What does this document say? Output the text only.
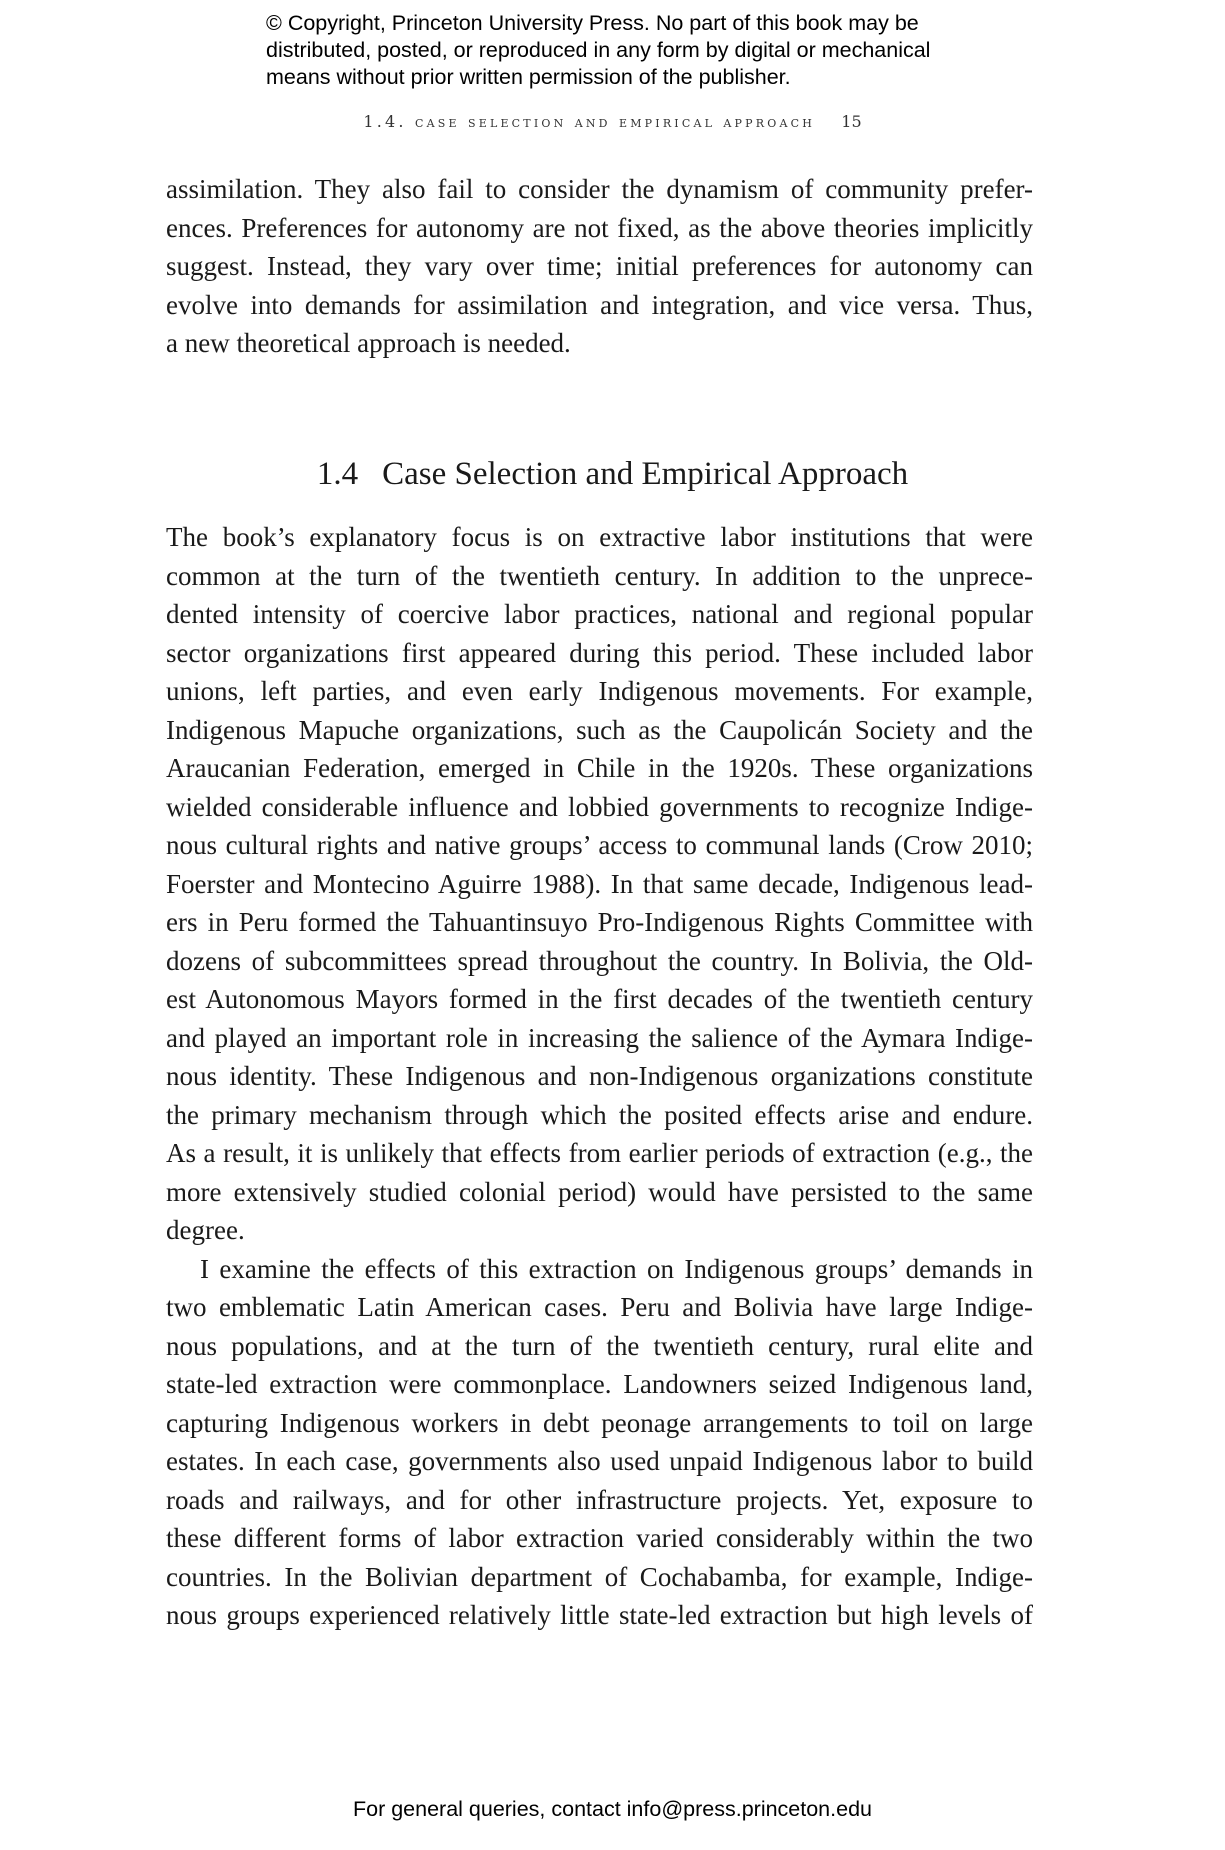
© Copyright, Princeton University Press. No part of this book may be
distributed, posted, or reproduced in any form by digital or mechanical
means without prior written permission of the publisher.
1.4. case selection and empirical approach 15

assimilation. They also fail to consider the dynamism of community prefer-
ences. Preferences for autonomy are not fixed, as the above theories implicitly
suggest. Instead, they vary over time; initial preferences for autonomy can
evolve into demands for assimilation and integration, and vice versa. Thus,
a new theoretical approach is needed.

1.4 Case Selection and Empirical Approach

The book’s explanatory focus is on extractive labor institutions that were
common at the turn of the twentieth century. In addition to the unprece-
dented intensity of coercive labor practices, national and regional popular
sector organizations first appeared during this period. These included labor
unions, left parties, and even early Indigenous movements. For example,
Indigenous Mapuche organizations, such as the Caupolicán Society and the
Araucanian Federation, emerged in Chile in the 1920s. These organizations
wielded considerable influence and lobbied governments to recognize Indige-
nous cultural rights and native groups’ access to communal lands (Crow 2010;
Foerster and Montecino Aguirre 1988). In that same decade, Indigenous lead-
ers in Peru formed the Tahuantinsuyo Pro-Indigenous Rights Committee with
dozens of subcommittees spread throughout the country. In Bolivia, the Old-
est Autonomous Mayors formed in the first decades of the twentieth century
and played an important role in increasing the salience of the Aymara Indige-
nous identity. These Indigenous and non-Indigenous organizations constitute
the primary mechanism through which the posited effects arise and endure.
As a result, it is unlikely that effects from earlier periods of extraction (e.g., the
more extensively studied colonial period) would have persisted to the same
degree.

I examine the effects of this extraction on Indigenous groups’ demands in
two emblematic Latin American cases. Peru and Bolivia have large Indige-
nous populations, and at the turn of the twentieth century, rural elite and
state-led extraction were commonplace. Landowners seized Indigenous land,
capturing Indigenous workers in debt peonage arrangements to toil on large
estates. In each case, governments also used unpaid Indigenous labor to build
roads and railways, and for other infrastructure projects. Yet, exposure to
these different forms of labor extraction varied considerably within the two
countries. In the Bolivian department of Cochabamba, for example, Indige-
nous groups experienced relatively little state-led extraction but high levels of

For general queries, contact info@press.princeton.edu
